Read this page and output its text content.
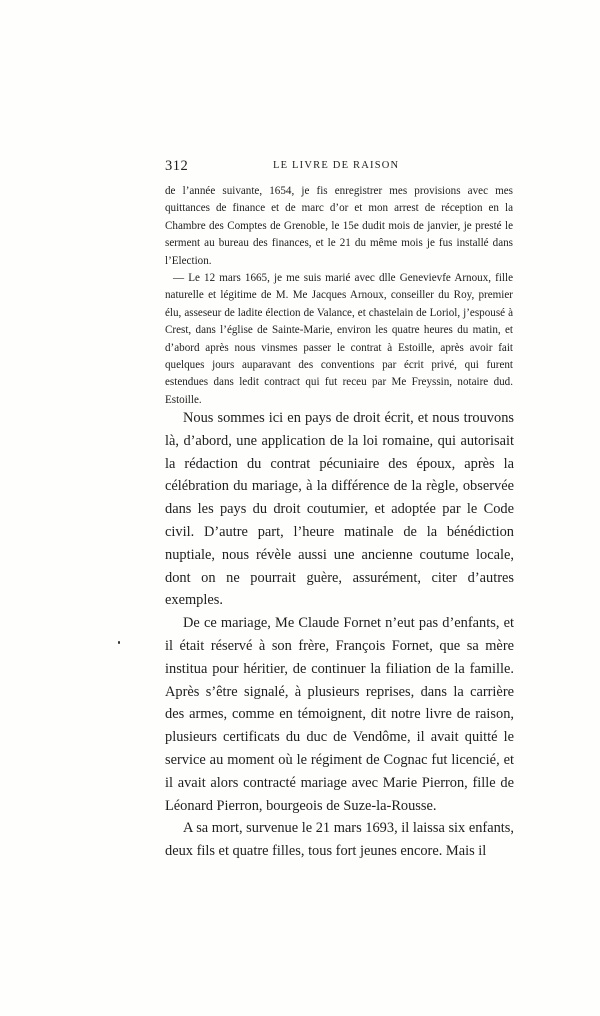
312	LE LIVRE DE RAISON

de l’année suivante, 1654, je fis enregistrer mes provisions avec mes quittances de finance et de marc d’or et mon arrest de réception en la Chambre des Comptes de Grenoble, le 15e dudit mois de janvier, je presté le serment au bureau des finances, et le 21 du même mois je fus installé dans l’Election.

— Le 12 mars 1665, je me suis marié avec dlle Genevievfe Arnoux, fille naturelle et légitime de M. Me Jacques Arnoux, conseiller du Roy, premier élu, asseseur de ladite élection de Valance, et chastelain de Loriol, j’espousé à Crest, dans l’église de Sainte-Marie, environ les quatre heures du matin, et d’abord après nous vinsmes passer le contrat à Estoille, après avoir fait quelques jours auparavant des conventions par écrit privé, qui furent estendues dans ledit contract qui fut receu par Me Freyssin, notaire dud. Estoille.

Nous sommes ici en pays de droit écrit, et nous trouvons là, d’abord, une application de la loi romaine, qui autorisait la rédaction du contrat pécuniaire des époux, après la célébration du mariage, à la différence de la règle, observée dans les pays du droit coutumier, et adoptée par le Code civil. D’autre part, l’heure matinale de la bénédiction nuptiale, nous révèle aussi une ancienne coutume locale, dont on ne pourrait guère, assurément, citer d’autres exemples.

De ce mariage, Me Claude Fornet n’eut pas d’enfants, et il était réservé à son frère, François Fornet, que sa mère institua pour héritier, de continuer la filiation de la famille. Après s’être signalé, à plusieurs reprises, dans la carrière des armes, comme en témoignent, dit notre livre de raison, plusieurs certificats du duc de Vendôme, il avait quitté le service au moment où le régiment de Cognac fut licencié, et il avait alors contracté mariage avec Marie Pierron, fille de Léonard Pierron, bourgeois de Suze-la-Rousse.

A sa mort, survenue le 21 mars 1693, il laissa six enfants, deux fils et quatre filles, tous fort jeunes encore. Mais il
